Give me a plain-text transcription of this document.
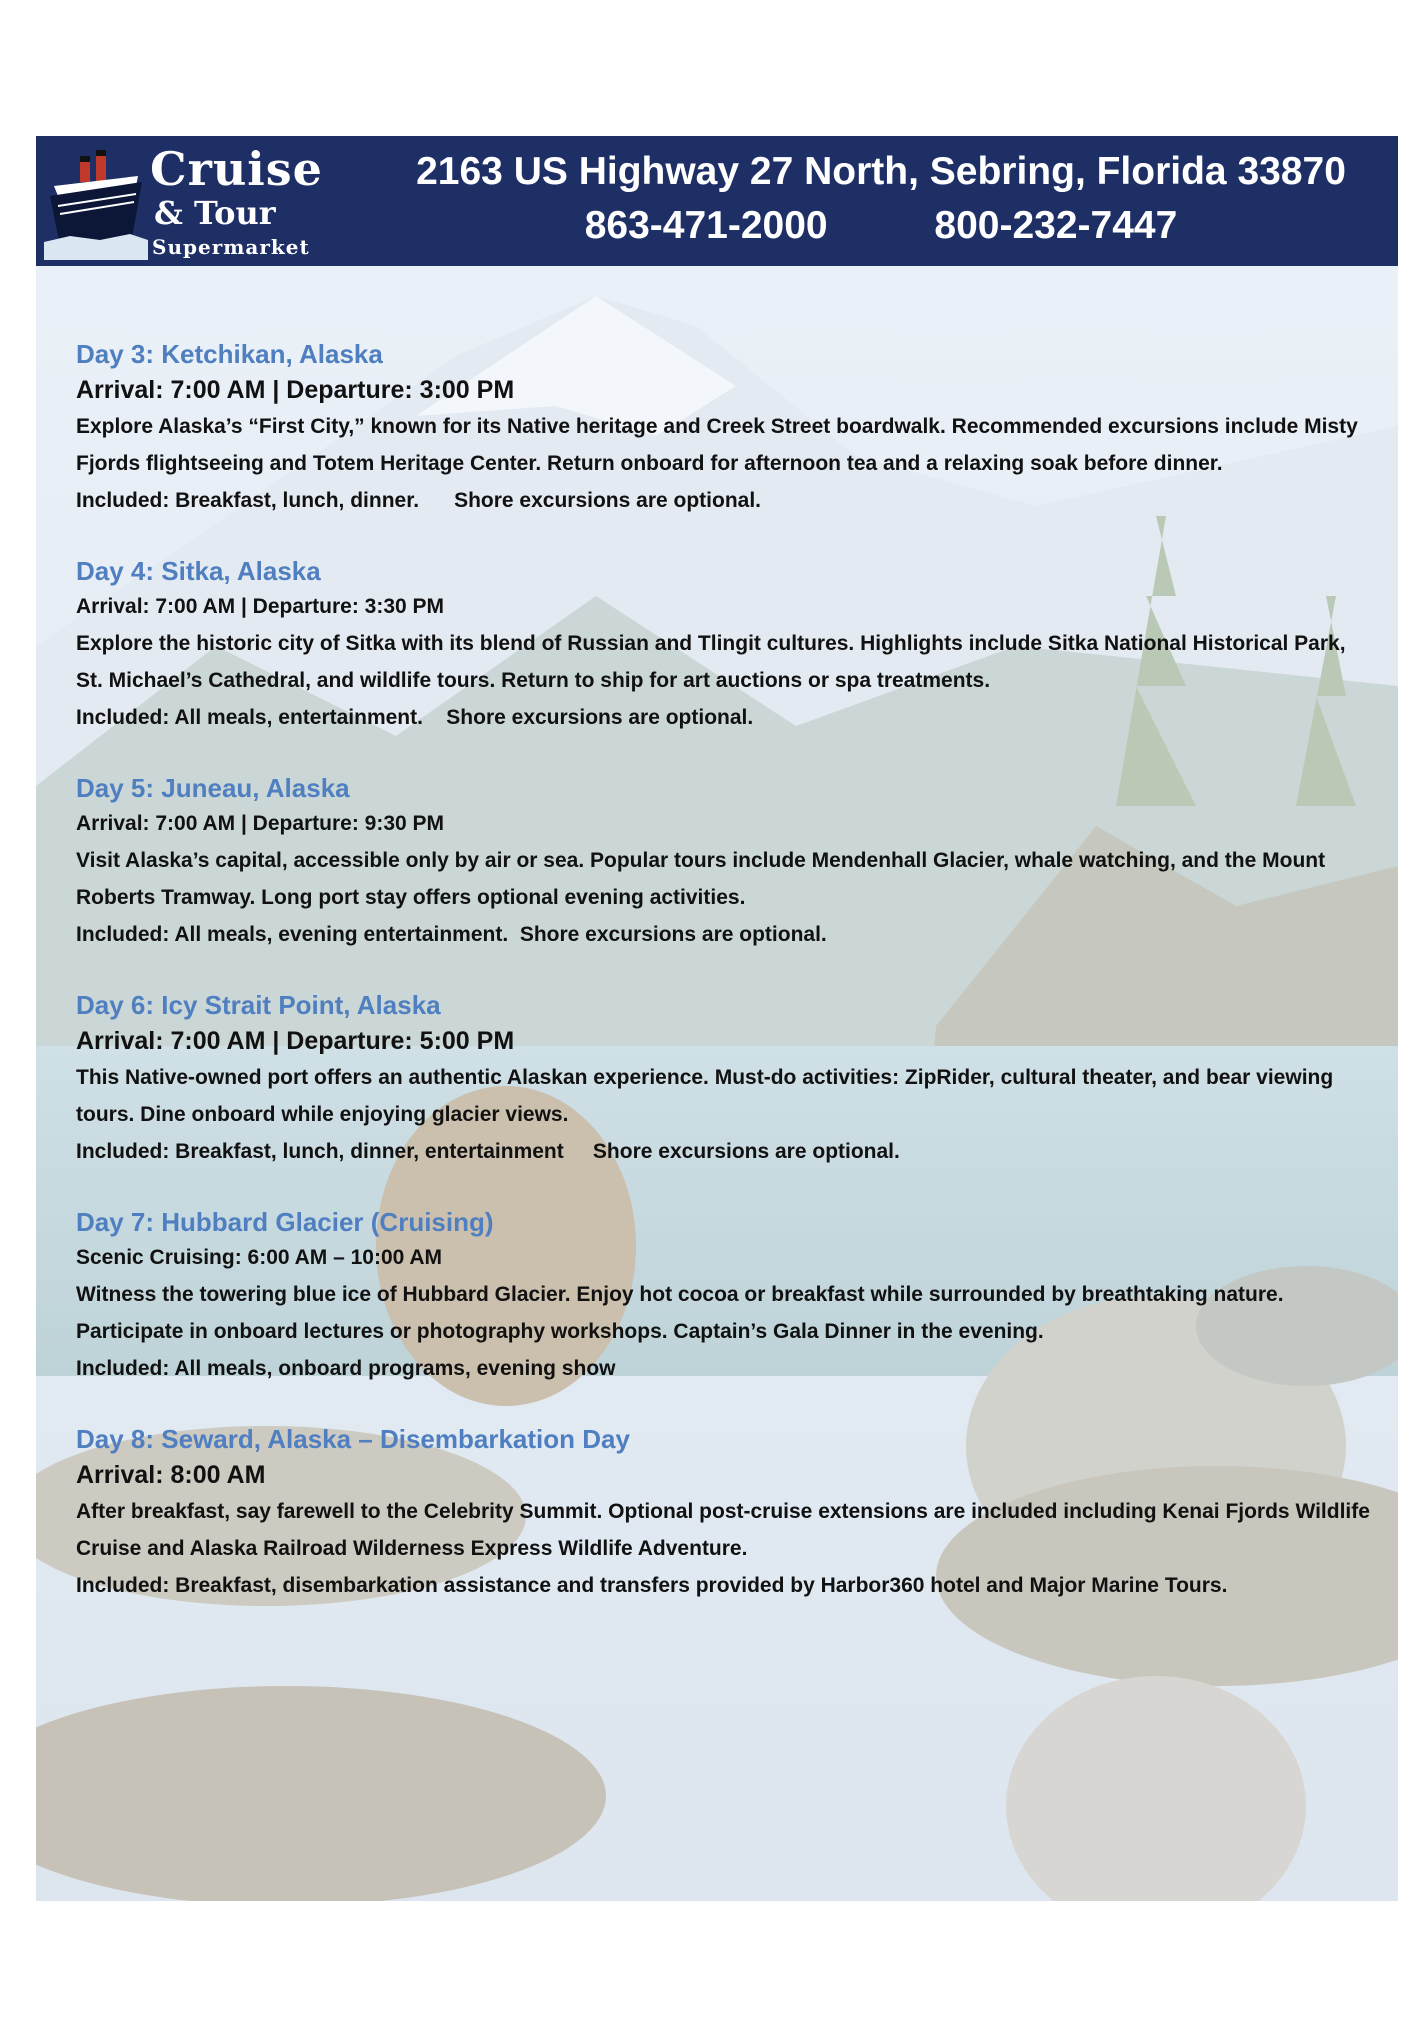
Cruise
& Tour
Supermarket
2163 US Highway 27 North, Sebring, Florida 33870
863-471-2000	800-232-7447
Day 3: Ketchikan, Alaska
Arrival: 7:00 AM | Departure: 3:00 PM
Explore Alaska’s “First City,” known for its Native heritage and Creek Street boardwalk. Recommended excursions include Misty Fjords flightseeing and Totem Heritage Center. Return onboard for afternoon tea and a relaxing soak before dinner.
Included: Breakfast, lunch, dinner.      Shore excursions are optional.
Day 4: Sitka, Alaska
Arrival: 7:00 AM | Departure: 3:30 PM
Explore the historic city of Sitka with its blend of Russian and Tlingit cultures. Highlights include Sitka National Historical Park, St. Michael’s Cathedral, and wildlife tours. Return to ship for art auctions or spa treatments.
Included: All meals, entertainment.    Shore excursions are optional.
Day 5: Juneau, Alaska
Arrival: 7:00 AM | Departure: 9:30 PM
Visit Alaska’s capital, accessible only by air or sea. Popular tours include Mendenhall Glacier, whale watching, and the Mount Roberts Tramway. Long port stay offers optional evening activities.
Included: All meals, evening entertainment.  Shore excursions are optional.
Day 6: Icy Strait Point, Alaska
Arrival: 7:00 AM | Departure: 5:00 PM
This Native-owned port offers an authentic Alaskan experience. Must-do activities: ZipRider, cultural theater, and bear viewing tours. Dine onboard while enjoying glacier views.
Included: Breakfast, lunch, dinner, entertainment     Shore excursions are optional.
Day 7: Hubbard Glacier (Cruising)
Scenic Cruising: 6:00 AM – 10:00 AM
Witness the towering blue ice of Hubbard Glacier. Enjoy hot cocoa or breakfast while surrounded by breathtaking nature. Participate in onboard lectures or photography workshops. Captain’s Gala Dinner in the evening.
Included: All meals, onboard programs, evening show
Day 8: Seward, Alaska – Disembarkation Day
Arrival: 8:00 AM
After breakfast, say farewell to the Celebrity Summit. Optional post-cruise extensions are included including Kenai Fjords Wildlife Cruise and Alaska Railroad Wilderness Express Wildlife Adventure.
Included: Breakfast, disembarkation assistance and transfers provided by Harbor360 hotel and Major Marine Tours.
